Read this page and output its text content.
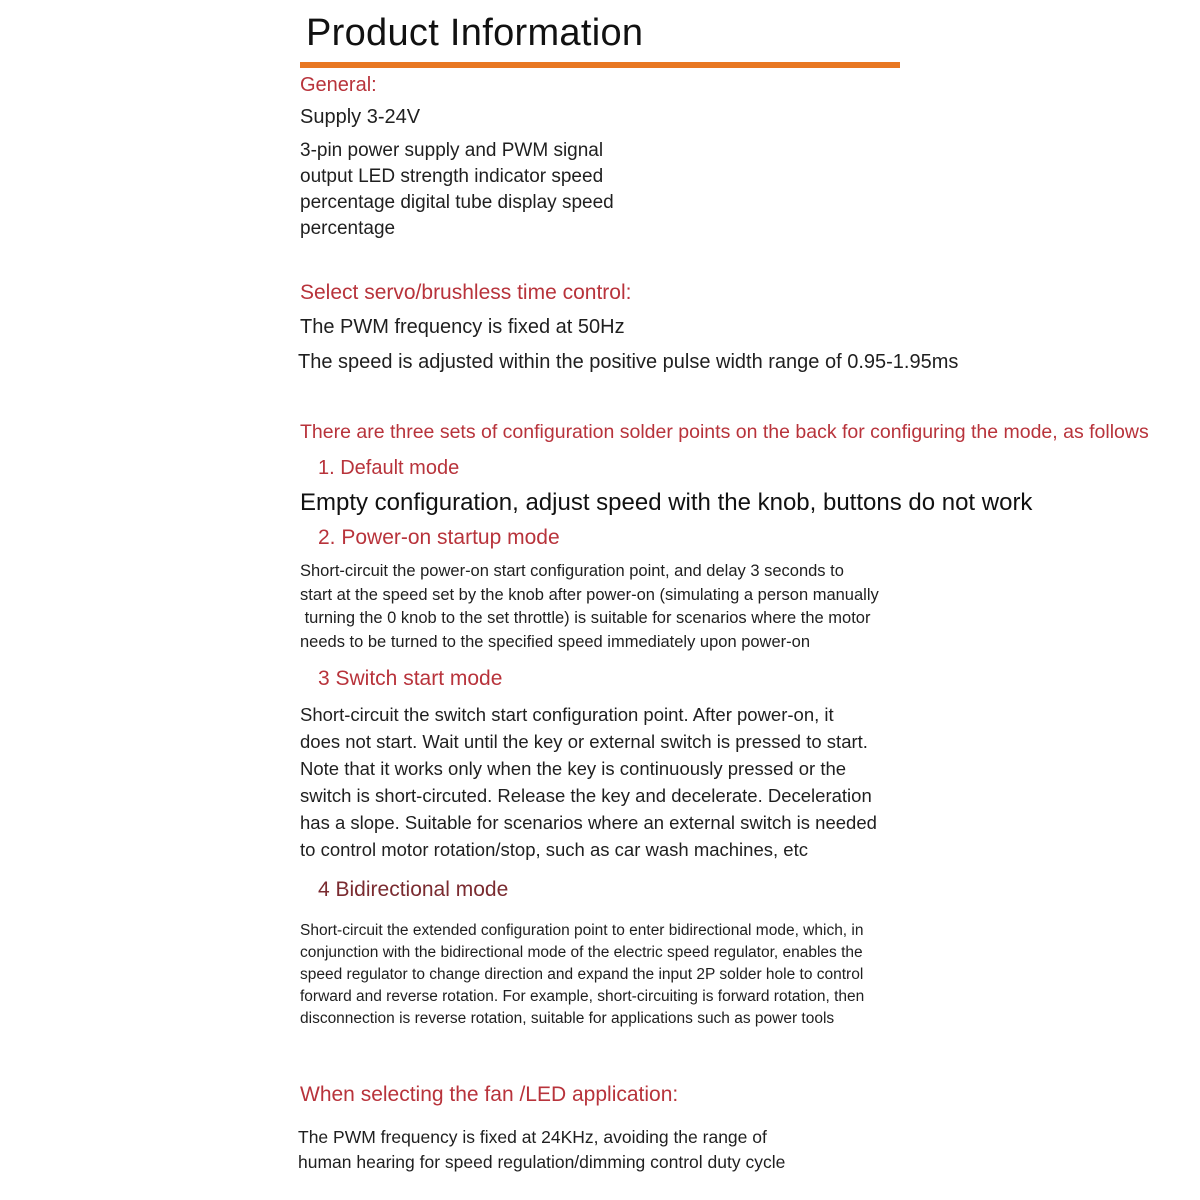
Product Information
General:
Supply 3-24V
3-pin power supply and PWM signal
output LED strength indicator speed
percentage digital tube display speed
percentage
Select servo/brushless time control:
The PWM frequency is fixed at 50Hz
The speed is adjusted within the positive pulse width range of 0.95-1.95ms
There are three sets of configuration solder points on the back for configuring the mode, as follows
1. Default mode
Empty configuration, adjust speed with the knob, buttons do not work
2. Power-on startup mode
Short-circuit the power-on start configuration point, and delay 3 seconds to
start at the speed set by the knob after power-on (simulating a person manually
turning the 0 knob to the set throttle) is suitable for scenarios where the motor
needs to be turned to the specified speed immediately upon power-on
3 Switch start mode
Short-circuit the switch start configuration point. After power-on, it
does not start. Wait until the key or external switch is pressed to start.
Note that it works only when the key is continuously pressed or the
switch is short-circuted. Release the key and decelerate. Deceleration
has a slope. Suitable for scenarios where an external switch is needed
to control motor rotation/stop, such as car wash machines, etc
4 Bidirectional mode
Short-circuit the extended configuration point to enter bidirectional mode, which, in
conjunction with the bidirectional mode of the electric speed regulator, enables the
speed regulator to change direction and expand the input 2P solder hole to control
forward and reverse rotation. For example, short-circuiting is forward rotation, then
disconnection is reverse rotation, suitable for applications such as power tools
When selecting the fan /LED application:
The PWM frequency is fixed at 24KHz, avoiding the range of
human hearing for speed regulation/dimming control duty cycle
